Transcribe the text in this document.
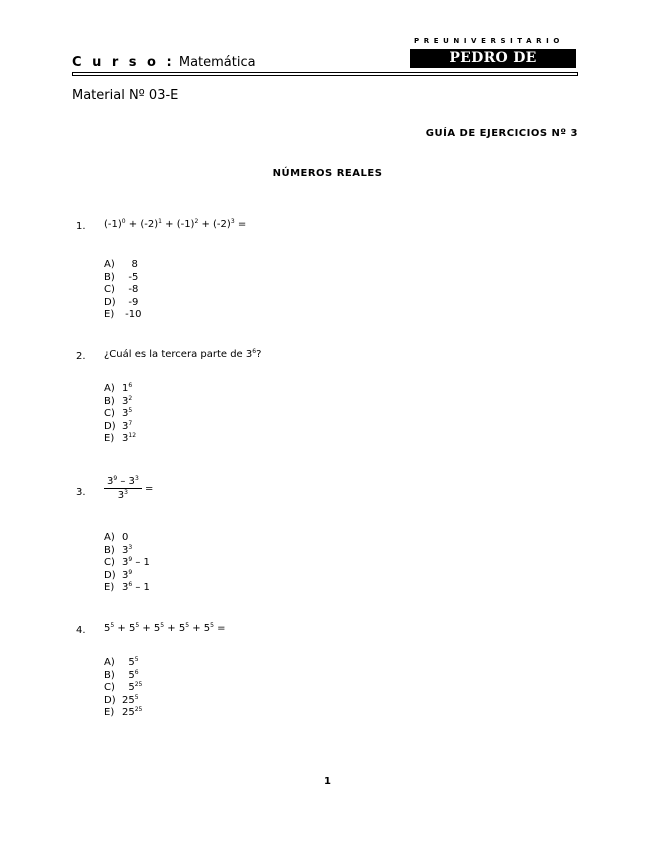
C u r s o : Matemática
PREUNIVERSITARIO
PEDRO DE VALDIVIA
Material Nº 03-E
GUÍA DE EJERCICIOS Nº 3
NÚMEROS REALES
1. $(-1)^0 + (-2)^1 + (-1)^2 + (-2)^3$ =
A)   8
B)  -5
C)  -8
D)  -9
E) -10
2. ¿Cuál es la tercera parte de $3^6$?
A) $1^6$
B) $3^2$
C) $3^5$
D) $3^7$
E) $3^{12}$
3. $\frac{3^9 - 3^3}{3^3}$ =
A) 0
B) $3^3$
C) $3^9 - 1$
D) $3^9$
E) $3^6 - 1$
4. $5^5 + 5^5 + 5^5 + 5^5 + 5^5$ =
A)  $5^5$
B)  $5^6$
C)  $5^{25}$
D) $25^5$
E) $25^{25}$
1
